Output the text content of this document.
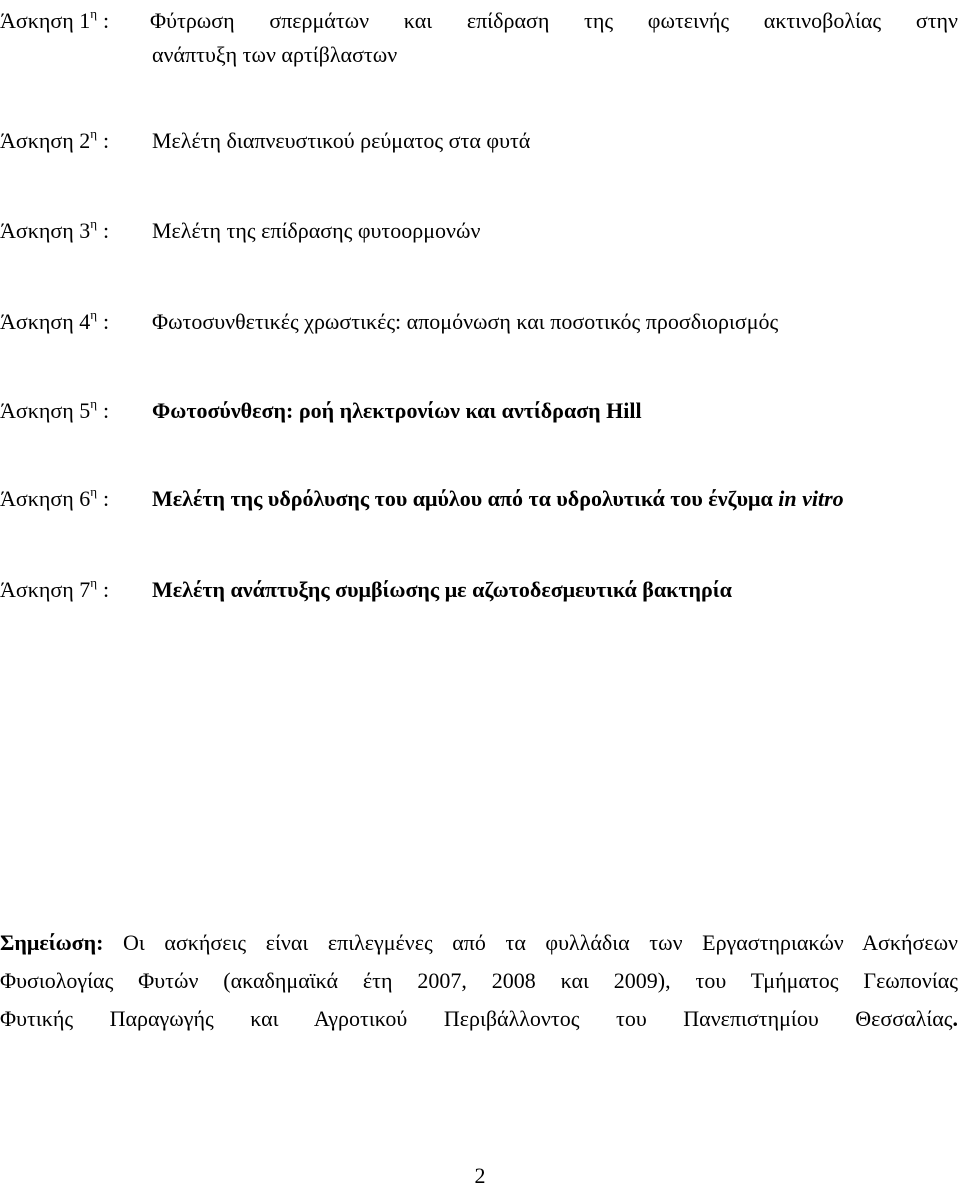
Άσκηση $1^\eta$ :	Φύτρωση σπερμάτων και επίδραση της φωτεινής ακτινοβολίας στην
ανάπτυξη των αρτίβλαστων
Άσκηση $2^\eta$ :	Μελέτη διαπνευστικού ρεύματος στα φυτά
Άσκηση $3^\eta$ :	Μελέτη της επίδρασης φυτοορμονών
Άσκηση $4^\eta$ :	Φωτοσυνθετικές χρωστικές: απομόνωση και ποσοτικός προσδιορισμός
Άσκηση $5^\eta$ :	Φωτοσύνθεση: ροή ηλεκτρονίων και αντίδραση Hill
Άσκηση $6^\eta$ :	Μελέτη της υδρόλυσης του αμύλου από τα υδρολυτικά του ένζυμα in vitro
Άσκηση $7^\eta$ :	Μελέτη ανάπτυξης συμβίωσης με αζωτοδεσμευτικά βακτηρία
Σημείωση: Οι ασκήσεις είναι επιλεγμένες από τα φυλλάδια των Εργαστηριακών Ασκήσεων
Φυσιολογίας Φυτών (ακαδημαϊκά έτη 2007, 2008 και 2009), του Τμήματος Γεωπονίας
Φυτικής Παραγωγής και Αγροτικού Περιβάλλοντος του Πανεπιστημίου Θεσσαλίας.
2
